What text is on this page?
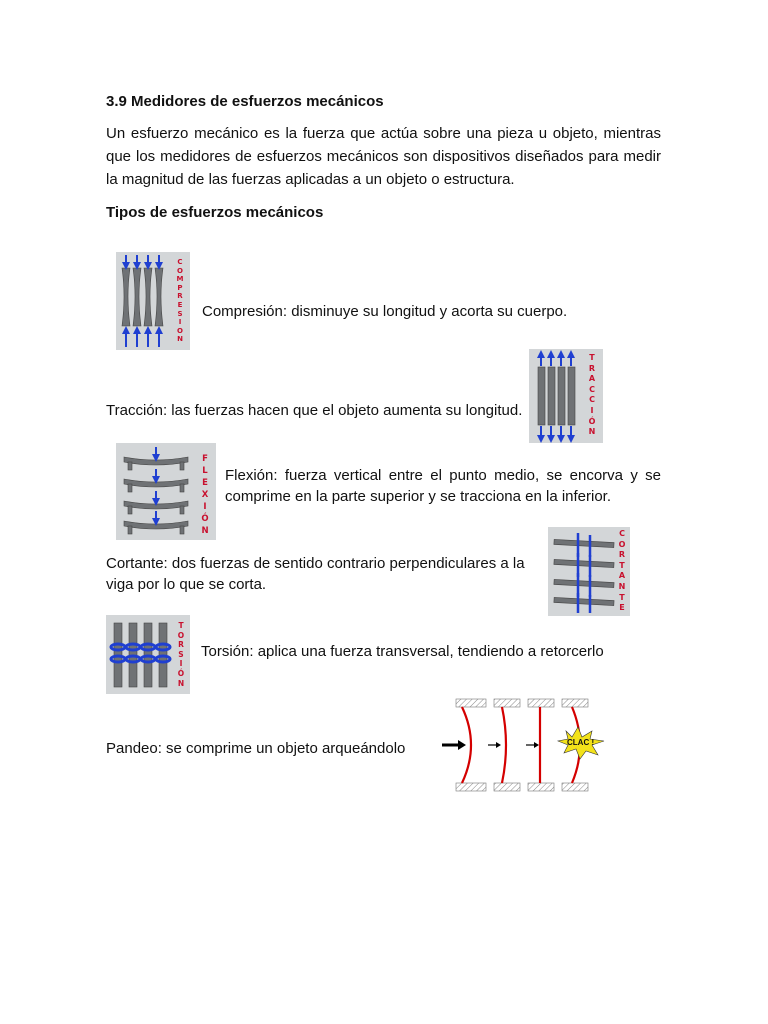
3.9 Medidores de esfuerzos mecánicos

Un esfuerzo mecánico es la fuerza que actúa sobre una pieza u objeto, mientras que los medidores de esfuerzos mecánicos son dispositivos diseñados para medir la magnitud de las fuerzas aplicadas a un objeto o estructura.

Tipos de esfuerzos mecánicos
C
O
M
P
R
E
S
I
O
N
Compresión: disminuye su longitud y acorta su cuerpo.
T
R
A
C
C
I
Ó
N
Tracción: las fuerzas hacen que el objeto aumenta su longitud.
F
L
E
X
I
Ó
N
Flexión: fuerza vertical entre el punto medio, se encorva y se comprime en la parte superior y se tracciona en la inferior.
C
O
R
T
A
N
T
E
Cortante: dos fuerzas de sentido contrario perpendiculares a la viga por lo que se corta.
T
O
R
S
I
Ó
N
Torsión: aplica una fuerza transversal, tendiendo a retorcerlo
Pandeo: se comprime un objeto arqueándolo	CLAC !
